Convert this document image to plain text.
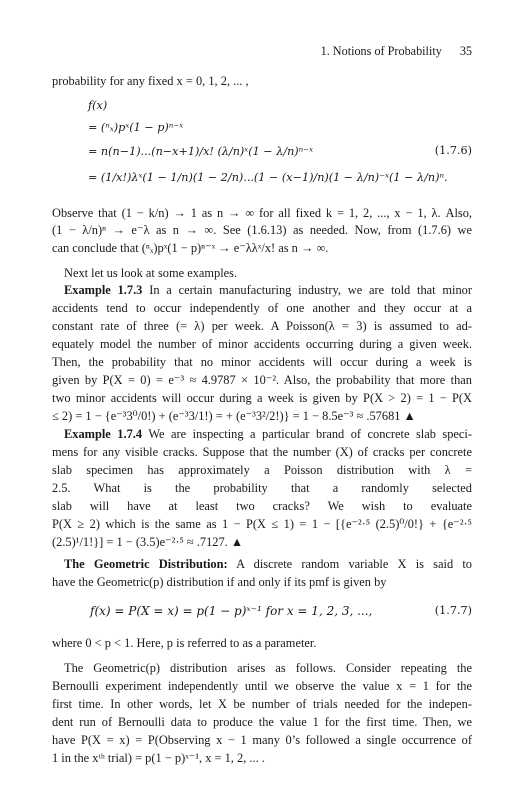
1. Notions of Probability 35
probability for any fixed x = 0, 1, 2, ... ,
f(x)
= (ⁿₓ)pˣ(1 − p)ⁿ⁻ˣ
= n(n−1)...(n−x+1)/x! (λ/n)ˣ(1 − λ/n)ⁿ⁻ˣ	(1.7.6)
= (1/x!)λˣ(1 − 1/n)(1 − 2/n)...(1 − (x−1)/n)(1 − λ/n)⁻ˣ(1 − λ/n)ⁿ.
Observe that (1 − k/n) → 1 as n → ∞ for all fixed k = 1, 2, ..., x − 1, λ. Also,
(1 − λ/n)ⁿ → e⁻λ as n → ∞. See (1.6.13) as needed. Now, from (1.7.6) we
can conclude that (ⁿₓ)pˣ(1 − p)ⁿ⁻ˣ → e⁻λλˣ/x! as n → ∞.
Next let us look at some examples.
Example 1.7.3 In a certain manufacturing industry, we are told that minor
accidents tend to occur independently of one another and they occur at a
constant rate of three (= λ) per week. A Poisson(λ = 3) is assumed to ad-
equately model the number of minor accidents occurring during a given week.
Then, the probability that no minor accidents will occur during a week is
given by P(X = 0) = e⁻³ ≈ 4.9787 × 10⁻². Also, the probability that more than
two minor accidents will occur during a week is given by P(X > 2) = 1 − P(X
≤ 2) = 1 − {e⁻³3⁰/0!) + (e⁻³3/1!) = + (e⁻³3²/2!)} = 1 − 8.5e⁻³ ≈ .57681 ▲
Example 1.7.4 We are inspecting a particular brand of concrete slab speci-
mens for any visible cracks. Suppose that the number (X) of cracks per concrete
slab specimen has approximately a Poisson distribution with λ =
2.5. What is the probability that a randomly selected
slab will have at least two cracks? We wish to evaluate
P(X ≥ 2) which is the same as 1 − P(X ≤ 1) = 1 − [{e⁻²·⁵ (2.5)⁰/0!} + {e⁻²·⁵
(2.5)¹/1!}] = 1 − (3.5)e⁻²·⁵ ≈ .7127. ▲
The Geometric Distribution: A discrete random variable X is said to
have the Geometric(p) distribution if and only if its pmf is given by
f(x) = P(X = x) = p(1 − p)ˣ⁻¹ for x = 1, 2, 3, ...,	(1.7.7)
where 0 < p < 1. Here, p is referred to as a parameter.
The Geometric(p) distribution arises as follows. Consider repeating the
Bernoulli experiment independently until we observe the value x = 1 for the
first time. In other words, let X be number of trials needed for the indepen-
dent run of Bernoulli data to produce the value 1 for the first time. Then, we
have P(X = x) = P(Observing x − 1 many 0’s followed a single occurrence of
1 in the xᵗʰ trial) = p(1 − p)ˣ⁻¹, x = 1, 2, ... .
